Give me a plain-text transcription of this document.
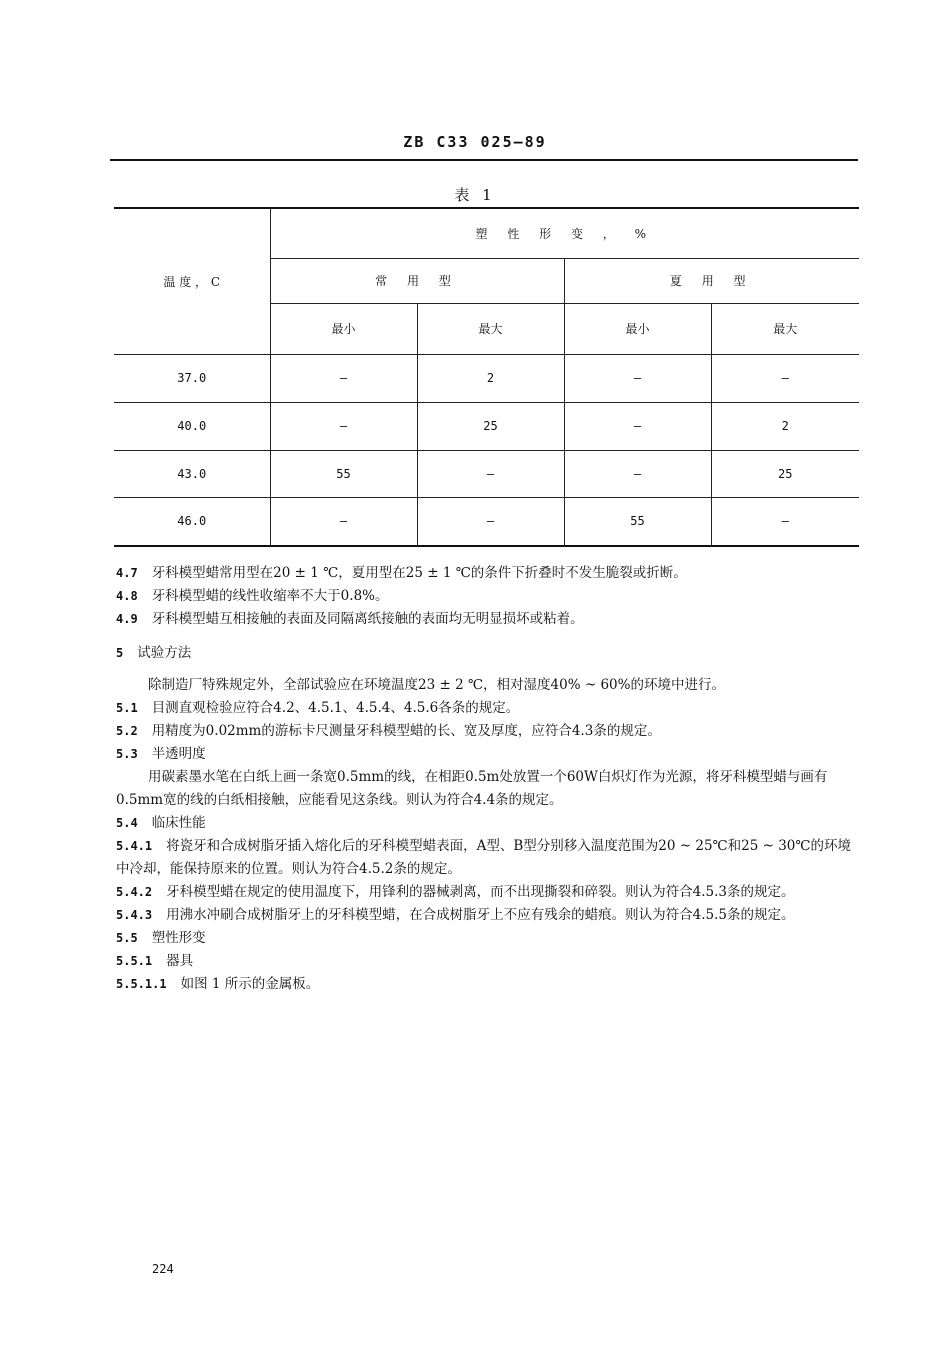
ZB C33 025—89
表 1
温 度 ， C	塑 性 形 变 ， %			
	常 用 型		夏 用 型	
	最小	最大	最小	最大
37.0	—	2	—	—
40.0	—	25	—	2
43.0	55	—	—	25
46.0	—	—	55	—

4.7 牙科模型蜡常用型在20 ± 1 ℃，夏用型在25 ± 1 ℃的条件下折叠时不发生脆裂或折断。

4.8 牙科模型蜡的线性收缩率不大于0.8%。

4.9 牙科模型蜡互相接触的表面及同隔离纸接触的表面均无明显损坏或粘着。

5 试验方法

除制造厂特殊规定外，全部试验应在环境温度23 ± 2 ℃，相对湿度40% ~ 60%的环境中进行。

5.1 目测直观检验应符合4.2、4.5.1、4.5.4、4.5.6各条的规定。

5.2 用精度为0.02mm的游标卡尺测量牙科模型蜡的长、宽及厚度，应符合4.3条的规定。

5.3 半透明度

用碳素墨水笔在白纸上画一条宽0.5mm的线，在相距0.5m处放置一个60W白炽灯作为光源，将牙科模型蜡与画有0.5mm宽的线的白纸相接触，应能看见这条线。则认为符合4.4条的规定。

5.4 临床性能

5.4.1 将瓷牙和合成树脂牙插入熔化后的牙科模型蜡表面，A型、B型分别移入温度范围为20 ~ 25℃和25 ~ 30℃的环境中冷却，能保持原来的位置。则认为符合4.5.2条的规定。

5.4.2 牙科模型蜡在规定的使用温度下，用锋利的器械剥离，而不出现撕裂和碎裂。则认为符合4.5.3条的规定。

5.4.3 用沸水冲刷合成树脂牙上的牙科模型蜡，在合成树脂牙上不应有残余的蜡痕。则认为符合4.5.5条的规定。

5.5 塑性形变

5.5.1 器具

5.5.1.1 如图 1 所示的金属板。

224
